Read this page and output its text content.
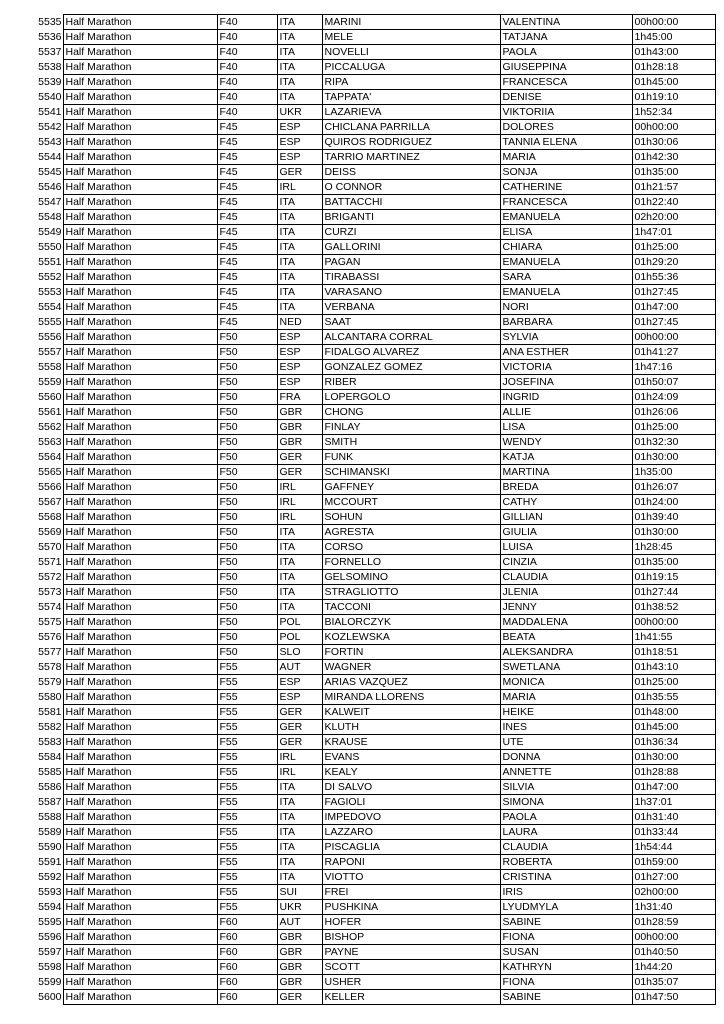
5535	Half Marathon	F40	ITA	MARINI	VALENTINA	00h00:00
5536	Half Marathon	F40	ITA	MELE	TATJANA	1h45:00
5537	Half Marathon	F40	ITA	NOVELLI	PAOLA	01h43:00
5538	Half Marathon	F40	ITA	PICCALUGA	GIUSEPPINA	01h28:18
5539	Half Marathon	F40	ITA	RIPA	FRANCESCA	01h45:00
5540	Half Marathon	F40	ITA	TAPPATA'	DENISE	01h19:10
5541	Half Marathon	F40	UKR	LAZARIEVA	VIKTORIIA	1h52:34
5542	Half Marathon	F45	ESP	CHICLANA PARRILLA	DOLORES	00h00:00
5543	Half Marathon	F45	ESP	QUIROS RODRIGUEZ	TANNIA ELENA	01h30:06
5544	Half Marathon	F45	ESP	TARRIO MARTINEZ	MARIA	01h42:30
5545	Half Marathon	F45	GER	DEISS	SONJA	01h35:00
5546	Half Marathon	F45	IRL	O CONNOR	CATHERINE	01h21:57
5547	Half Marathon	F45	ITA	BATTACCHI	FRANCESCA	01h22:40
5548	Half Marathon	F45	ITA	BRIGANTI	EMANUELA	02h20:00
5549	Half Marathon	F45	ITA	CURZI	ELISA	1h47:01
5550	Half Marathon	F45	ITA	GALLORINI	CHIARA	01h25:00
5551	Half Marathon	F45	ITA	PAGAN	EMANUELA	01h29:20
5552	Half Marathon	F45	ITA	TIRABASSI	SARA	01h55:36
5553	Half Marathon	F45	ITA	VARASANO	EMANUELA	01h27:45
5554	Half Marathon	F45	ITA	VERBANA	NORI	01h47:00
5555	Half Marathon	F45	NED	SAAT	BARBARA	01h27:45
5556	Half Marathon	F50	ESP	ALCANTARA CORRAL	SYLVIA	00h00:00
5557	Half Marathon	F50	ESP	FIDALGO ALVAREZ	ANA ESTHER	01h41:27
5558	Half Marathon	F50	ESP	GONZALEZ GOMEZ	VICTORIA	1h47:16
5559	Half Marathon	F50	ESP	RIBER	JOSEFINA	01h50:07
5560	Half Marathon	F50	FRA	LOPERGOLO	INGRID	01h24:09
5561	Half Marathon	F50	GBR	CHONG	ALLIE	01h26:06
5562	Half Marathon	F50	GBR	FINLAY	LISA	01h25:00
5563	Half Marathon	F50	GBR	SMITH	WENDY	01h32:30
5564	Half Marathon	F50	GER	FUNK	KATJA	01h30:00
5565	Half Marathon	F50	GER	SCHIMANSKI	MARTINA	1h35:00
5566	Half Marathon	F50	IRL	GAFFNEY	BREDA	01h26:07
5567	Half Marathon	F50	IRL	MCCOURT	CATHY	01h24:00
5568	Half Marathon	F50	IRL	SOHUN	GILLIAN	01h39:40
5569	Half Marathon	F50	ITA	AGRESTA	GIULIA	01h30:00
5570	Half Marathon	F50	ITA	CORSO	LUISA	1h28:45
5571	Half Marathon	F50	ITA	FORNELLO	CINZIA	01h35:00
5572	Half Marathon	F50	ITA	GELSOMINO	CLAUDIA	01h19:15
5573	Half Marathon	F50	ITA	STRAGLIOTTO	JLENIA	01h27:44
5574	Half Marathon	F50	ITA	TACCONI	JENNY	01h38:52
5575	Half Marathon	F50	POL	BIALORCZYK	MADDALENA	00h00:00
5576	Half Marathon	F50	POL	KOZLEWSKA	BEATA	1h41:55
5577	Half Marathon	F50	SLO	FORTIN	ALEKSANDRA	01h18:51
5578	Half Marathon	F55	AUT	WAGNER	SWETLANA	01h43:10
5579	Half Marathon	F55	ESP	ARIAS VAZQUEZ	MONICA	01h25:00
5580	Half Marathon	F55	ESP	MIRANDA LLORENS	MARIA	01h35:55
5581	Half Marathon	F55	GER	KALWEIT	HEIKE	01h48:00
5582	Half Marathon	F55	GER	KLUTH	INES	01h45:00
5583	Half Marathon	F55	GER	KRAUSE	UTE	01h36:34
5584	Half Marathon	F55	IRL	EVANS	DONNA	01h30:00
5585	Half Marathon	F55	IRL	KEALY	ANNETTE	01h28:88
5586	Half Marathon	F55	ITA	DI SALVO	SILVIA	01h47:00
5587	Half Marathon	F55	ITA	FAGIOLI	SIMONA	1h37:01
5588	Half Marathon	F55	ITA	IMPEDOVO	PAOLA	01h31:40
5589	Half Marathon	F55	ITA	LAZZARO	LAURA	01h33:44
5590	Half Marathon	F55	ITA	PISCAGLIA	CLAUDIA	1h54:44
5591	Half Marathon	F55	ITA	RAPONI	ROBERTA	01h59:00
5592	Half Marathon	F55	ITA	VIOTTO	CRISTINA	01h27:00
5593	Half Marathon	F55	SUI	FREI	IRIS	02h00:00
5594	Half Marathon	F55	UKR	PUSHKINA	LYUDMYLA	1h31:40
5595	Half Marathon	F60	AUT	HOFER	SABINE	01h28:59
5596	Half Marathon	F60	GBR	BISHOP	FIONA	00h00:00
5597	Half Marathon	F60	GBR	PAYNE	SUSAN	01h40:50
5598	Half Marathon	F60	GBR	SCOTT	KATHRYN	1h44:20
5599	Half Marathon	F60	GBR	USHER	FIONA	01h35:07
5600	Half Marathon	F60	GER	KELLER	SABINE	01h47:50
